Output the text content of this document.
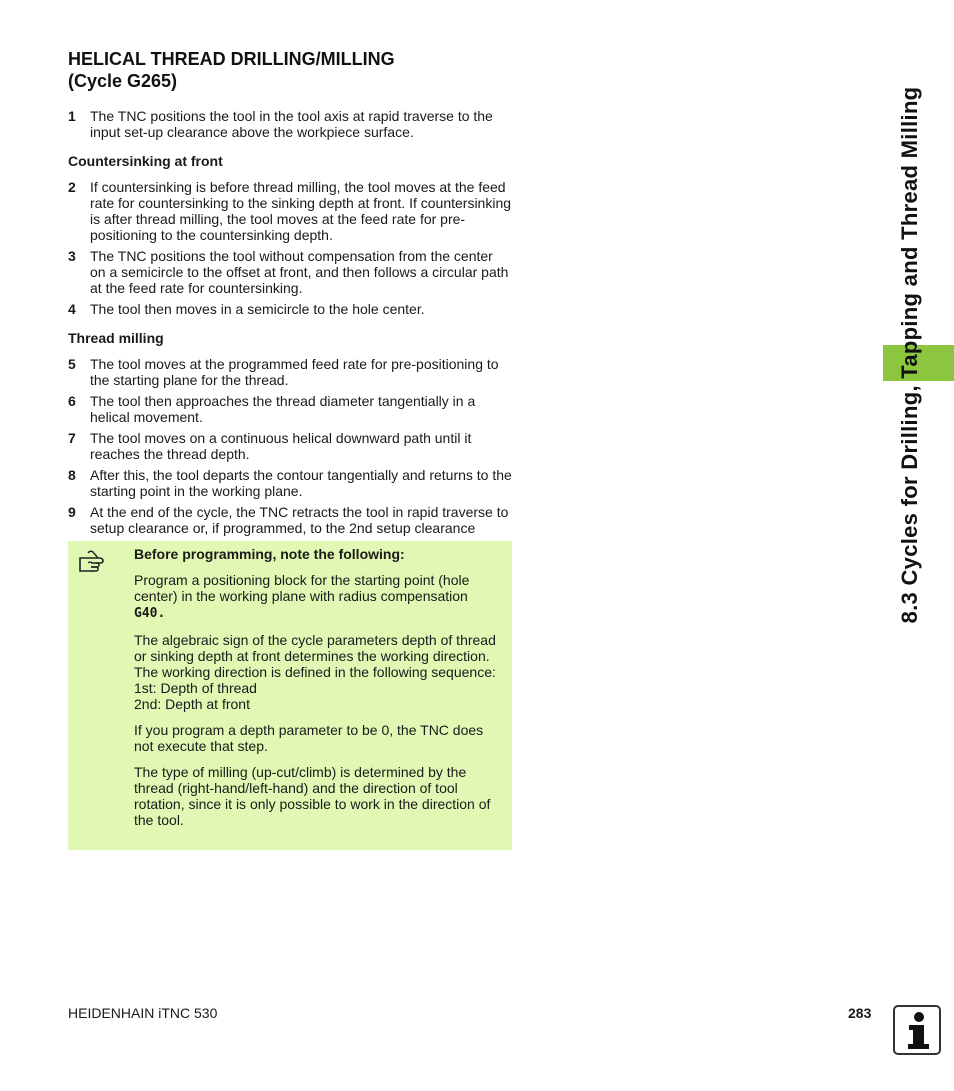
HELICAL THREAD DRILLING/MILLING
(Cycle G265)
1	The TNC positions the tool in the tool axis at rapid traverse to the input set-up clearance above the workpiece surface.
Countersinking at front
2	If countersinking is before thread milling, the tool moves at the feed rate for countersinking to the sinking depth at front. If countersinking is after thread milling, the tool moves at the feed rate for pre-positioning to the countersinking depth.
3	The TNC positions the tool without compensation from the center on a semicircle to the offset at front, and then follows a circular path at the feed rate for countersinking.
4	The tool then moves in a semicircle to the hole center.
Thread milling
5	The tool moves at the programmed feed rate for pre-positioning to the starting plane for the thread.
6	The tool then approaches the thread diameter tangentially in a helical movement.
7	The tool moves on a continuous helical downward path until it reaches the thread depth.
8	After this, the tool departs the contour tangentially and returns to the starting point in the working plane.
9	At the end of the cycle, the TNC retracts the tool in rapid traverse to setup clearance or, if programmed, to the 2nd setup clearance
Before programming, note the following:

Program a positioning block for the starting point (hole center) in the working plane with radius compensation
G40.

The algebraic sign of the cycle parameters depth of thread or sinking depth at front determines the working direction. The working direction is defined in the following sequence:
1st: Depth of thread
2nd: Depth at front

If you program a depth parameter to be 0, the TNC does not execute that step.

The type of milling (up-cut/climb) is determined by the thread (right-hand/left-hand) and the direction of tool rotation, since it is only possible to work in the direction of the tool.

8.3 Cycles for Drilling, Tapping and Thread Milling
HEIDENHAIN iTNC 530	283
